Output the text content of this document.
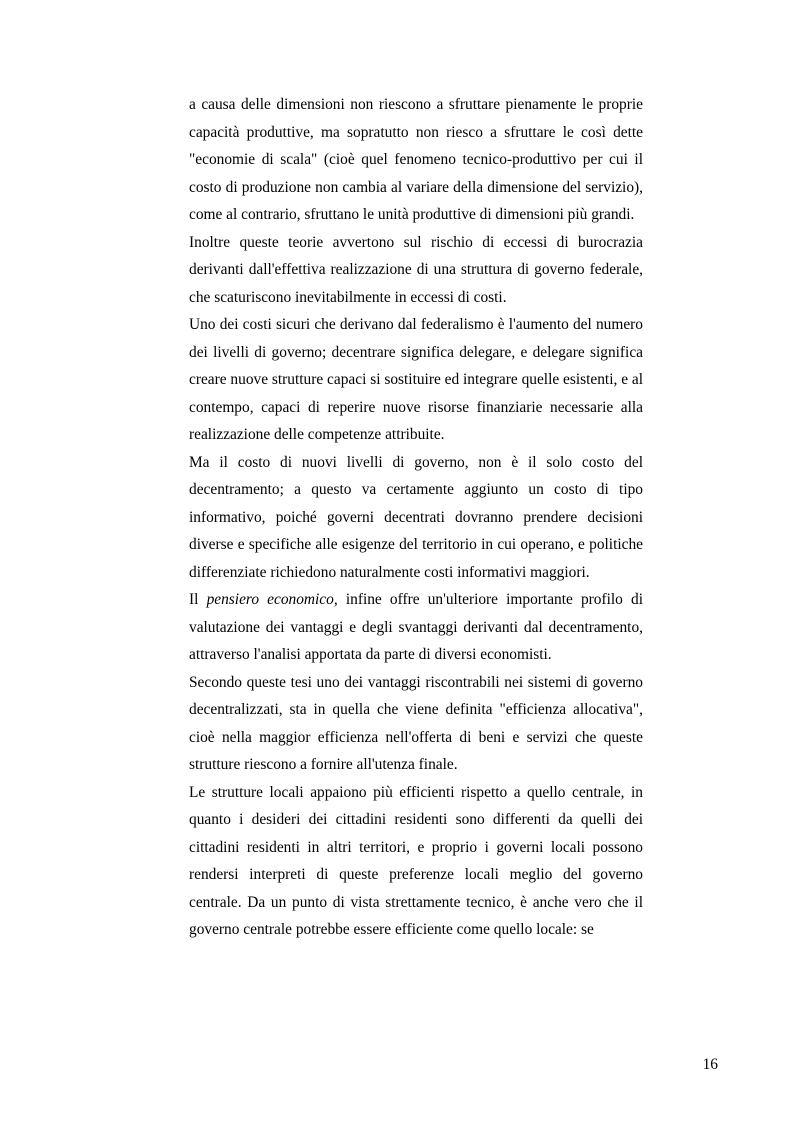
a causa delle dimensioni non riescono a sfruttare pienamente le proprie capacità produttive, ma sopratutto non riesco a sfruttare le così dette "economie di scala" (cioè quel fenomeno tecnico-produttivo per cui il costo di produzione non cambia al variare della dimensione del servizio), come al contrario, sfruttano le unità produttive di dimensioni più grandi.

Inoltre queste teorie avvertono sul rischio di eccessi di burocrazia derivanti dall'effettiva realizzazione di una struttura di governo federale, che scaturiscono inevitabilmente in eccessi di costi.

Uno dei costi sicuri che derivano dal federalismo è l'aumento del numero dei livelli di governo; decentrare significa delegare, e delegare significa creare nuove strutture capaci si sostituire ed integrare quelle esistenti, e al contempo, capaci di reperire nuove risorse finanziarie necessarie alla realizzazione delle competenze attribuite.

Ma il costo di nuovi livelli di governo, non è il solo costo del decentramento; a questo va certamente aggiunto un costo di tipo informativo, poiché governi decentrati dovranno prendere decisioni diverse e specifiche alle esigenze del territorio in cui operano, e politiche differenziate richiedono naturalmente costi informativi maggiori.

Il pensiero economico, infine offre un'ulteriore importante profilo di valutazione dei vantaggi e degli svantaggi derivanti dal decentramento, attraverso l'analisi apportata da parte di diversi economisti.

Secondo queste tesi uno dei vantaggi riscontrabili nei sistemi di governo decentralizzati, sta in quella che viene definita "efficienza allocativa", cioè nella maggior efficienza nell'offerta di beni e servizi che queste strutture riescono a fornire all'utenza finale.

Le strutture locali appaiono più efficienti rispetto a quello centrale, in quanto i desideri dei cittadini residenti sono differenti da quelli dei cittadini residenti in altri territori, e proprio i governi locali possono rendersi interpreti di queste preferenze locali meglio del governo centrale. Da un punto di vista strettamente tecnico, è anche vero che il governo centrale potrebbe essere efficiente come quello locale: se

16
